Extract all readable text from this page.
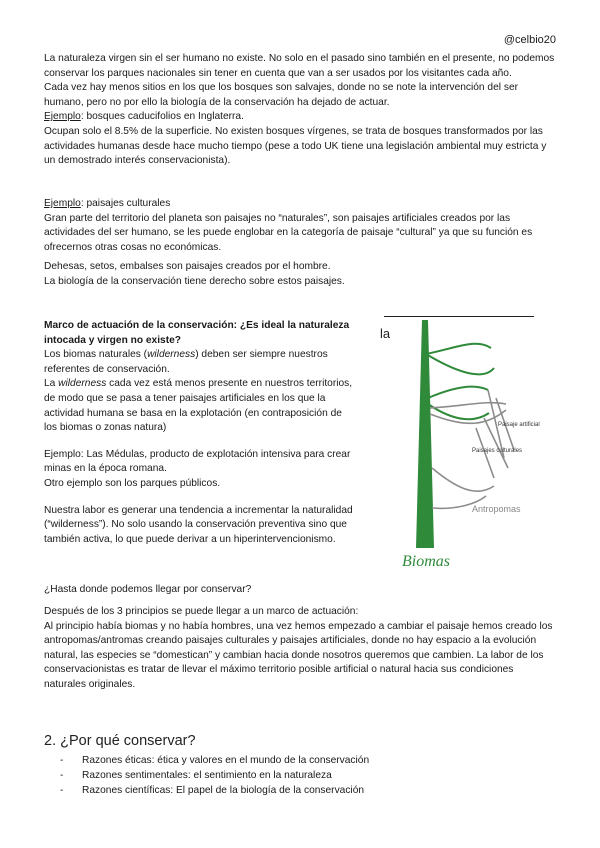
@celbio20

La naturaleza virgen sin el ser humano no existe. No solo en el pasado sino también en el presente, no podemos conservar los parques nacionales sin tener en cuenta que van a ser usados por los visitantes cada año.

Cada vez hay menos sitios en los que los bosques son salvajes, donde no se note la intervención del ser humano, pero no por ello la biología de la conservación ha dejado de actuar.

Ejemplo: bosques caducifolios en Inglaterra.

Ocupan solo el 8.5% de la superficie. No existen bosques vírgenes, se trata de bosques transformados por las actividades humanas desde hace mucho tiempo (pese a todo UK tiene una legislación ambiental muy estricta y un demostrado interés conservacionista).

Ejemplo: paisajes culturales

Gran parte del territorio del planeta son paisajes no “naturales”, son paisajes artificiales creados por las actividades del ser humano, se les puede englobar en la categoría de paisaje “cultural” ya que su función es ofrecernos otras cosas no económicas.

Dehesas, setos, embalses son paisajes creados por el hombre.

La biología de la conservación tiene derecho sobre estos paisajes.

Marco de actuación de la conservación: ¿Es ideal la naturaleza intocada y virgen no existe?

Los biomas naturales (wilderness) deben ser siempre nuestros referentes de conservación.

La wilderness cada vez está menos presente en nuestros territorios, de modo que se pasa a tener paisajes artificiales en los que la actividad humana se basa en la explotación (en contraposición de los biomas o zonas natura)

Ejemplo: Las Médulas, producto de explotación intensiva para crear minas en la época romana.

Otro ejemplo son los parques públicos.

Nuestra labor es generar una tendencia a incrementar la naturalidad (“wilderness”). No solo usando la conservación preventiva sino que también activa, lo que puede derivar a un hiperintervencionismo.

la
Paisaje artificial
Paisajes culturales
Antropomas
Biomas
¿Hasta donde podemos llegar por conservar?

Después de los 3 principios se puede llegar a un marco de actuación:

Al principio había biomas y no había hombres, una vez hemos empezado a cambiar el paisaje hemos creado los antropomas/antromas creando paisajes culturales y paisajes artificiales, donde no hay espacio a la evolución natural, las especies se “domestican” y cambian hacia donde nosotros queremos que cambien. La labor de los conservacionistas es tratar de llevar el máximo territorio posible artificial o natural hacia sus condiciones naturales originales.

2. ¿Por qué conservar?
- Razones éticas: ética y valores en el mundo de la conservación
- Razones sentimentales: el sentimiento en la naturaleza
- Razones científicas: El papel de la biología de la conservación
